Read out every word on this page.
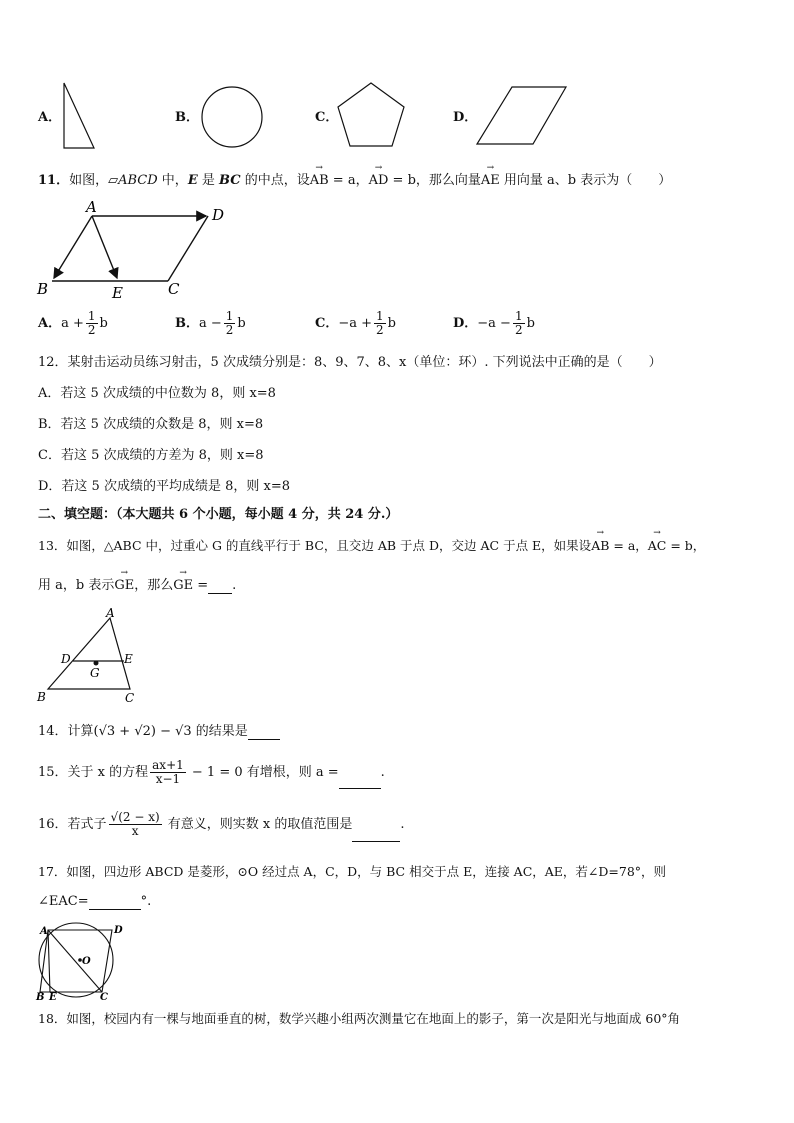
A．	B．	C．	D．
11．如图，▱ABCD 中，E 是 BC 的中点，设→ AB = a，→ AD = b，那么向量→ AE 用向量 a、b 表示为（　　）
A	D
B	E	C
A．$a + \frac{1}{2}$ b	B．$a - \frac{1}{2}$ b	C．$-a + \frac{1}{2}$ b	D．$-a - \frac{1}{2}$ b
12．某射击运动员练习射击，5 次成绩分别是：8、9、7、8、x（单位：环）. 下列说法中正确的是（　　）
A．若这 5 次成绩的中位数为 8，则 x=8
B．若这 5 次成绩的众数是 8，则 x=8
C．若这 5 次成绩的方差为 8，则 x=8
D．若这 5 次成绩的平均成绩是 8，则 x=8
二、填空题：（本大题共 6 个小题，每小题 4 分，共 24 分.）
13．如图，△ABC 中，过重心 G 的直线平行于 BC，且交边 AB 于点 D，交边 AC 于点 E，如果设→ AB = a，→ AC = b，
用 a，b 表示→ GE，那么→ GE = .
A
D	E
G
B	C
14．计算(√3 + √2) − √3 的结果是
15．关于 x 的方程 $\frac{ax+1}{x-1} - 1 = 0$ 有增根，则 a =	.
16．若式子 $\frac{√(2 - x)}{x}$ 有意义，则实数 x 的取值范围是	.
17．如图，四边形 ABCD 是菱形，⊙O 经过点 A，C，D，与 BC 相交于点 E，连接 AC，AE，若∠D=78°，则
∠EAC=	°.
A	D
O
B E	C
18．如图，校园内有一棵与地面垂直的树，数学兴趣小组两次测量它在地面上的影子，第一次是阳光与地面成 60°角
